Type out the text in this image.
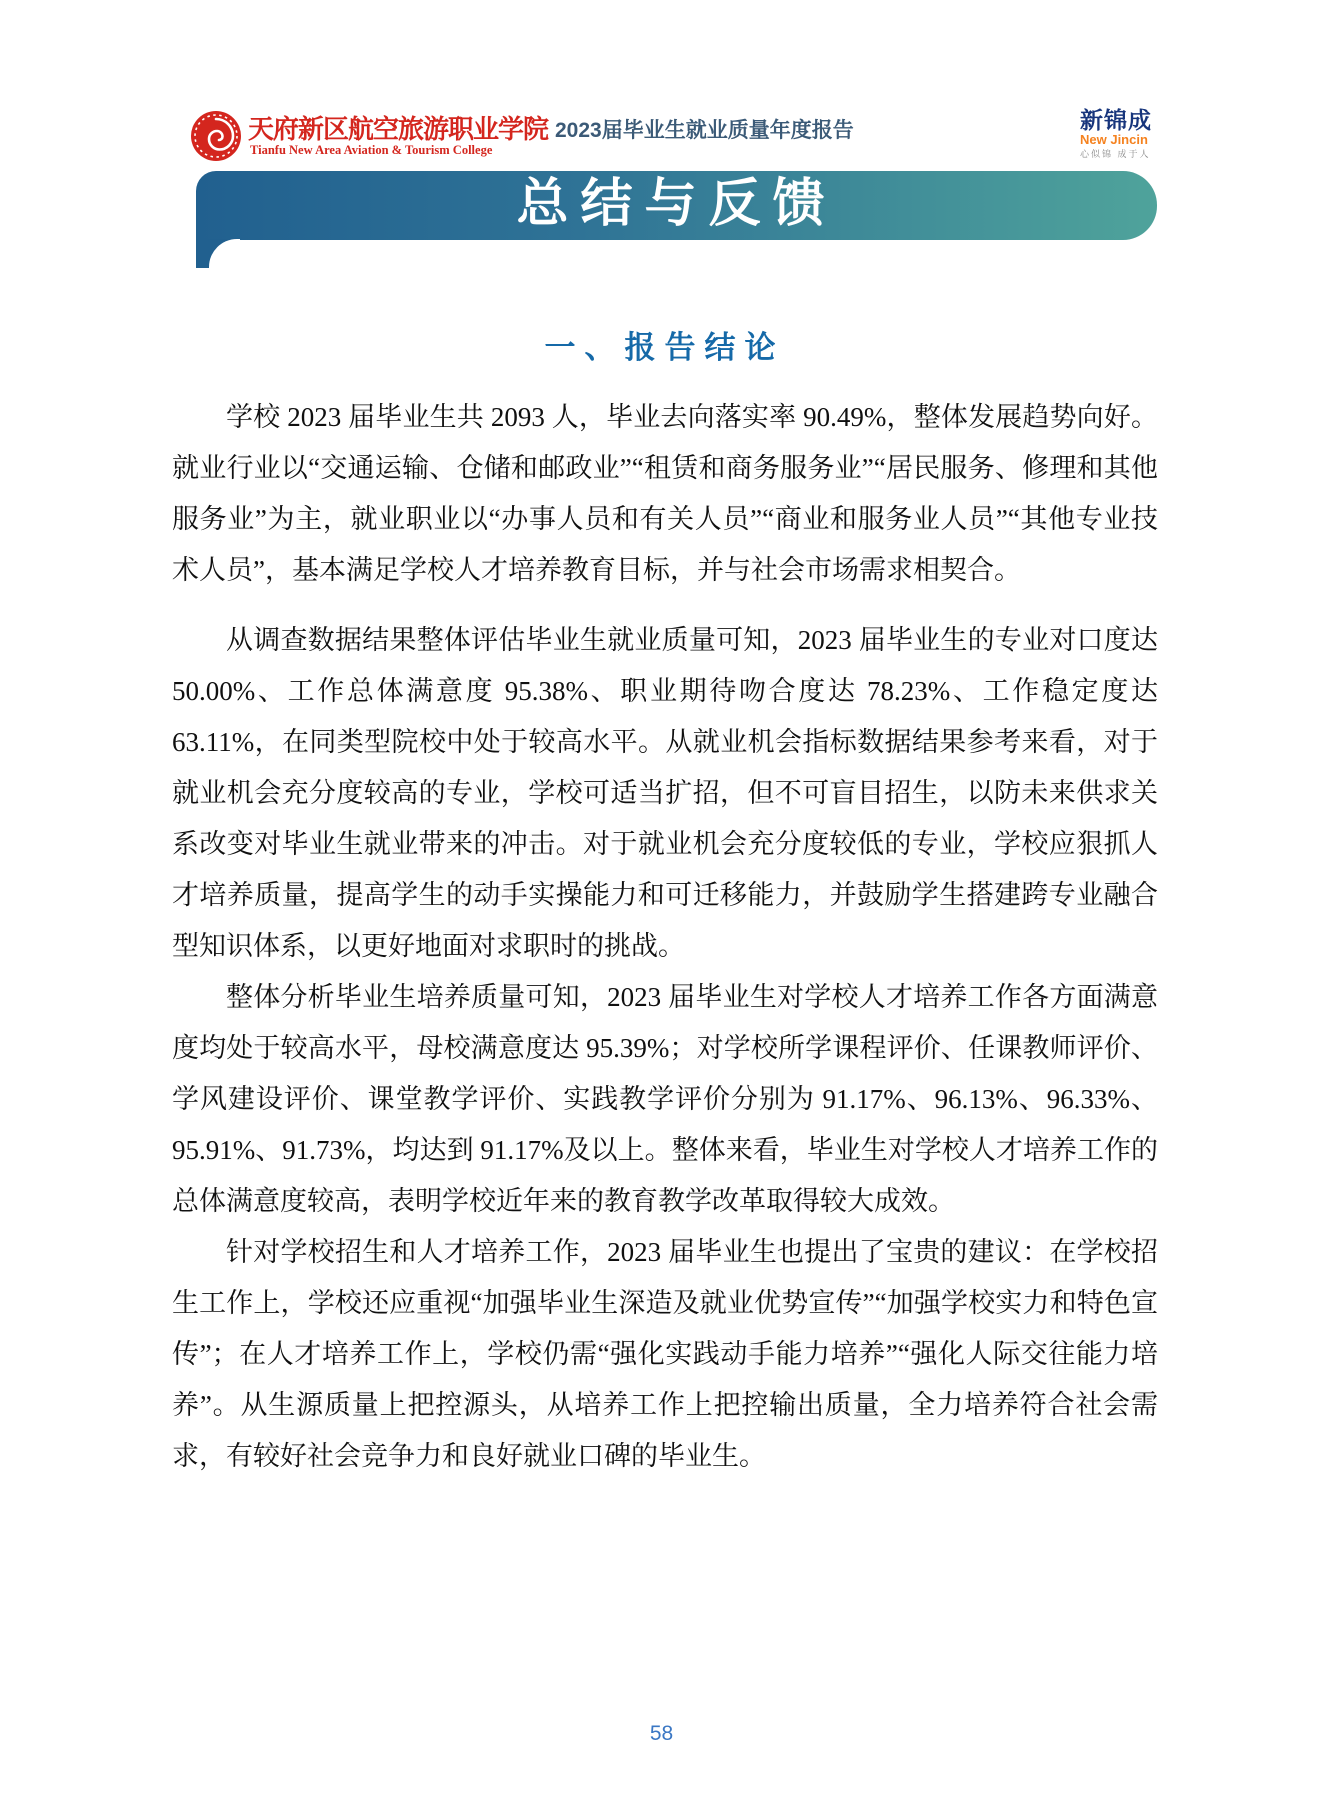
天府新区航空旅游职业学院
Tianfu New Area Aviation & Tourism College
2023届毕业生就业质量年度报告	新锦成
New Jincin
心似锦 成于人
总结与反馈
一、报告结论

学校 2023 届毕业生共 2093 人，毕业去向落实率 90.49%，整体发展趋势向好。就业行业以“交通运输、仓储和邮政业”“租赁和商务服务业”“居民服务、修理和其他服务业”为主，就业职业以“办事人员和有关人员”“商业和服务业人员”“其他专业技术人员”，基本满足学校人才培养教育目标，并与社会市场需求相契合。

从调查数据结果整体评估毕业生就业质量可知，2023 届毕业生的专业对口度达 50.00%、工作总体满意度 95.38%、职业期待吻合度达 78.23%、工作稳定度达 63.11%，在同类型院校中处于较高水平。从就业机会指标数据结果参考来看，对于就业机会充分度较高的专业，学校可适当扩招，但不可盲目招生，以防未来供求关系改变对毕业生就业带来的冲击。对于就业机会充分度较低的专业，学校应狠抓人才培养质量，提高学生的动手实操能力和可迁移能力，并鼓励学生搭建跨专业融合型知识体系，以更好地面对求职时的挑战。

整体分析毕业生培养质量可知，2023 届毕业生对学校人才培养工作各方面满意度均处于较高水平，母校满意度达 95.39%；对学校所学课程评价、任课教师评价、学风建设评价、课堂教学评价、实践教学评价分别为 91.17%、96.13%、96.33%、95.91%、91.73%，均达到 91.17%及以上。整体来看，毕业生对学校人才培养工作的总体满意度较高，表明学校近年来的教育教学改革取得较大成效。

针对学校招生和人才培养工作，2023 届毕业生也提出了宝贵的建议：在学校招生工作上，学校还应重视“加强毕业生深造及就业优势宣传”“加强学校实力和特色宣传”；在人才培养工作上，学校仍需“强化实践动手能力培养”“强化人际交往能力培养”。从生源质量上把控源头，从培养工作上把控输出质量，全力培养符合社会需求，有较好社会竞争力和良好就业口碑的毕业生。

58
